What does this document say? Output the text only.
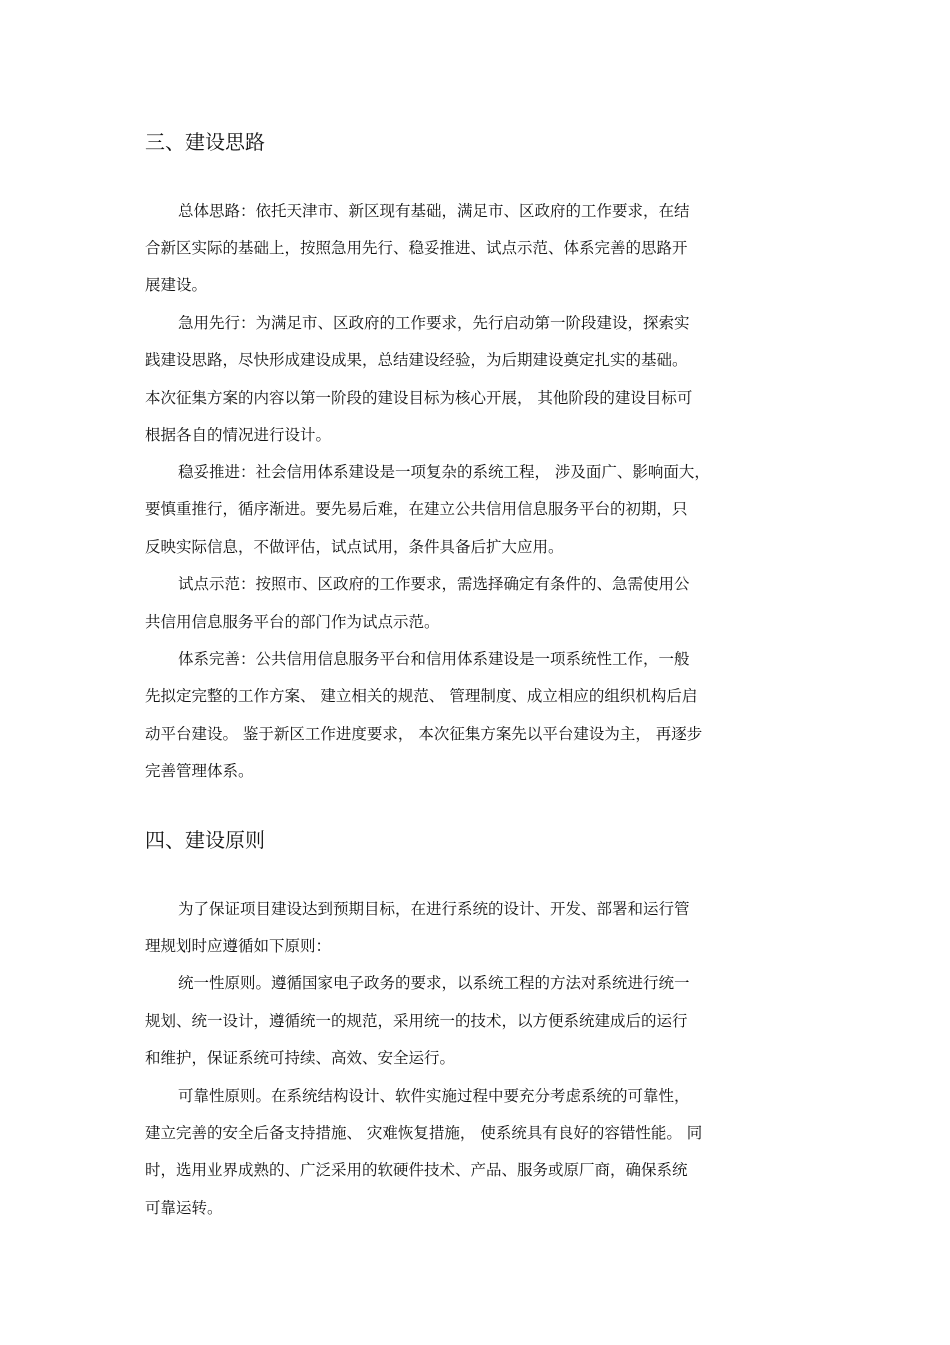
三、建设思路

总体思路：依托天津市、新区现有基础，满足市、区政府的工作要求，在结

合新区实际的基础上，按照急用先行、稳妥推进、试点示范、体系完善的思路开

展建设。

急用先行：为满足市、区政府的工作要求，先行启动第一阶段建设，探索实

践建设思路，尽快形成建设成果，总结建设经验，为后期建设奠定扎实的基础。

本次征集方案的内容以第一阶段的建设目标为核心开展， 其他阶段的建设目标可

根据各自的情况进行设计。

稳妥推进：社会信用体系建设是一项复杂的系统工程， 涉及面广、影响面大，

要慎重推行，循序渐进。要先易后难，在建立公共信用信息服务平台的初期，只

反映实际信息，不做评估，试点试用，条件具备后扩大应用。

试点示范：按照市、区政府的工作要求，需选择确定有条件的、急需使用公

共信用信息服务平台的部门作为试点示范。

体系完善：公共信用信息服务平台和信用体系建设是一项系统性工作，一般

先拟定完整的工作方案、 建立相关的规范、 管理制度、成立相应的组织机构后启

动平台建设。 鉴于新区工作进度要求， 本次征集方案先以平台建设为主， 再逐步

完善管理体系。

四、建设原则

为了保证项目建设达到预期目标，在进行系统的设计、开发、部署和运行管

理规划时应遵循如下原则：

统一性原则。遵循国家电子政务的要求，以系统工程的方法对系统进行统一

规划、统一设计，遵循统一的规范，采用统一的技术，以方便系统建成后的运行

和维护，保证系统可持续、高效、安全运行。

可靠性原则。在系统结构设计、软件实施过程中要充分考虑系统的可靠性，

建立完善的安全后备支持措施、 灾难恢复措施， 使系统具有良好的容错性能。 同

时，选用业界成熟的、广泛采用的软硬件技术、产品、服务或原厂商，确保系统

可靠运转。
